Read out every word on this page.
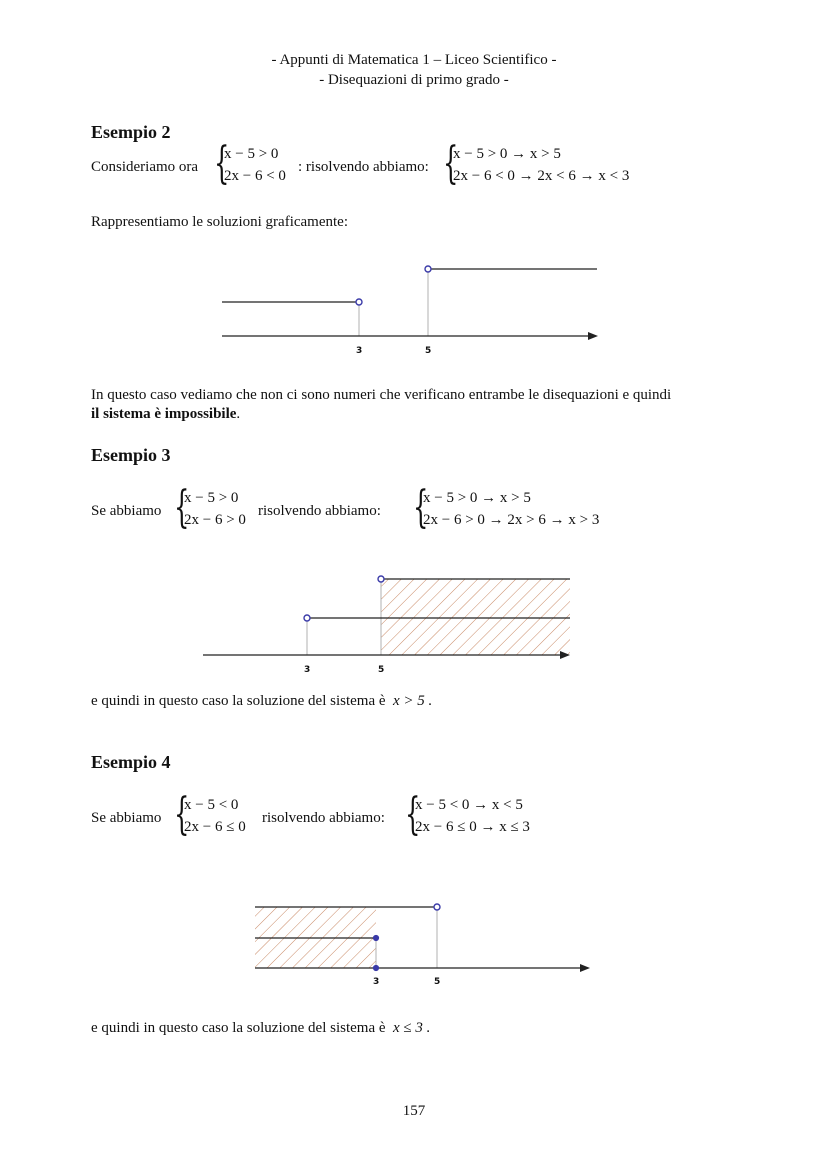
- Appunti di Matematica 1 – Liceo Scientifico -
- Disequazioni di primo grado -
Esempio 2
Consideriamo ora {
x − 5 > 0
2x − 6 < 0
: risolvendo abbiamo: {
x − 5 > 0 → x > 5
2x − 6 < 0 → 2x < 6 → x < 3
Rappresentiamo le soluzioni graficamente:
3	5
In questo caso vediamo che non ci sono numeri che verificano entrambe le disequazioni e quindi
il sistema è impossibile.
Esempio 3
Se abbiamo {
x − 5 > 0
2x − 6 > 0
risolvendo abbiamo: {
x − 5 > 0 → x > 5
2x − 6 > 0 → 2x > 6 → x > 3
3	5
e quindi in questo caso la soluzione del sistema è x > 5 .
Esempio 4
Se abbiamo {
x − 5 < 0
2x − 6 ≤ 0
risolvendo abbiamo: {
x − 5 < 0 → x < 5
2x − 6 ≤ 0 → x ≤ 3
3	5
e quindi in questo caso la soluzione del sistema è x ≤ 3 .
157
